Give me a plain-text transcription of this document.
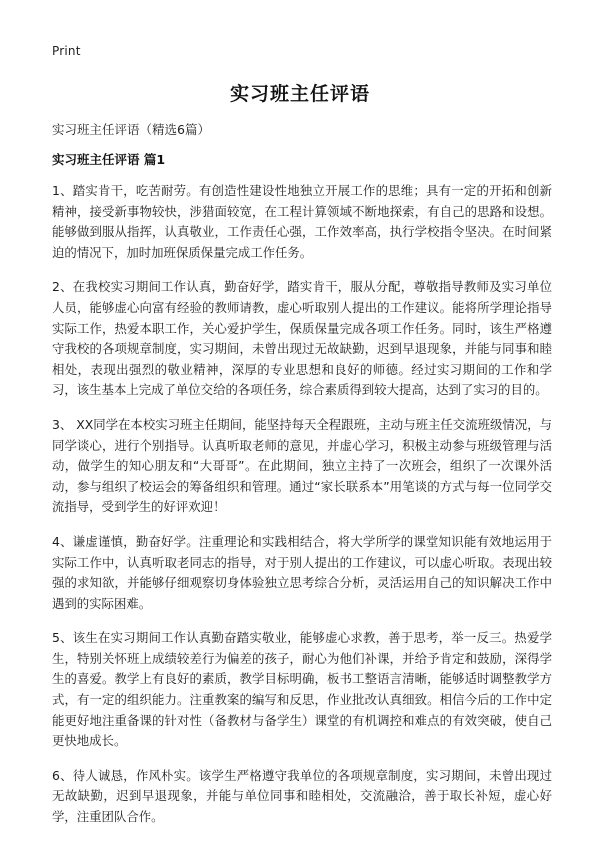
Print
实习班主任评语

实习班主任评语（精选6篇）

实习班主任评语 篇1

1、踏实肯干，吃苦耐劳。有创造性建设性地独立开展工作的思维；具有一定的开拓和创新精神，接受新事物较快，涉猎面较宽，在工程计算领域不断地探索，有自己的思路和设想。能够做到服从指挥，认真敬业，工作责任心强，工作效率高，执行学校指令坚决。在时间紧迫的情况下，加时加班保质保量完成工作任务。

2、在我校实习期间工作认真，勤奋好学，踏实肯干，服从分配，尊敬指导教师及实习单位人员，能够虚心向富有经验的教师请教，虚心听取别人提出的工作建议。能将所学理论指导实际工作，热爱本职工作，关心爱护学生，保质保量完成各项工作任务。同时，该生严格遵守我校的各项规章制度，实习期间，未曾出现过无故缺勤，迟到早退现象，并能与同事和睦相处，表现出强烈的敬业精神，深厚的专业思想和良好的师德。经过实习期间的工作和学习，该生基本上完成了单位交给的各项任务，综合素质得到较大提高，达到了实习的目的。

3、 XX同学在本校实习班主任期间，能坚持每天全程跟班，主动与班主任交流班级情况，与同学谈心，进行个别指导。认真听取老师的意见，并虚心学习，积极主动参与班级管理与活动，做学生的知心朋友和“大哥哥”。在此期间，独立主持了一次班会，组织了一次课外活动，参与组织了校运会的筹备组织和管理。通过“家长联系本”用笔谈的方式与每一位同学交流指导，受到学生的好评欢迎！

4、谦虚谨慎，勤奋好学。注重理论和实践相结合，将大学所学的课堂知识能有效地运用于实际工作中，认真听取老同志的指导，对于别人提出的工作建议，可以虚心听取。表现出较强的求知欲，并能够仔细观察切身体验独立思考综合分析，灵活运用自己的知识解决工作中遇到的实际困难。

5、该生在实习期间工作认真勤奋踏实敬业，能够虚心求教，善于思考，举一反三。热爱学生，特别关怀班上成绩较差行为偏差的孩子，耐心为他们补课，并给予肯定和鼓励，深得学生的喜爱。教学上有良好的素质，教学目标明确，板书工整语言清晰，能够适时调整教学方式，有一定的组织能力。注重教案的编写和反思，作业批改认真细致。相信今后的工作中定能更好地注重备课的针对性（备教材与备学生）课堂的有机调控和难点的有效突破，使自己更快地成长。

6、待人诚恳，作风朴实。该学生严格遵守我单位的各项规章制度，实习期间，未曾出现过无故缺勤，迟到早退现象，并能与单位同事和睦相处，交流融洽，善于取长补短，虚心好学，注重团队合作。
